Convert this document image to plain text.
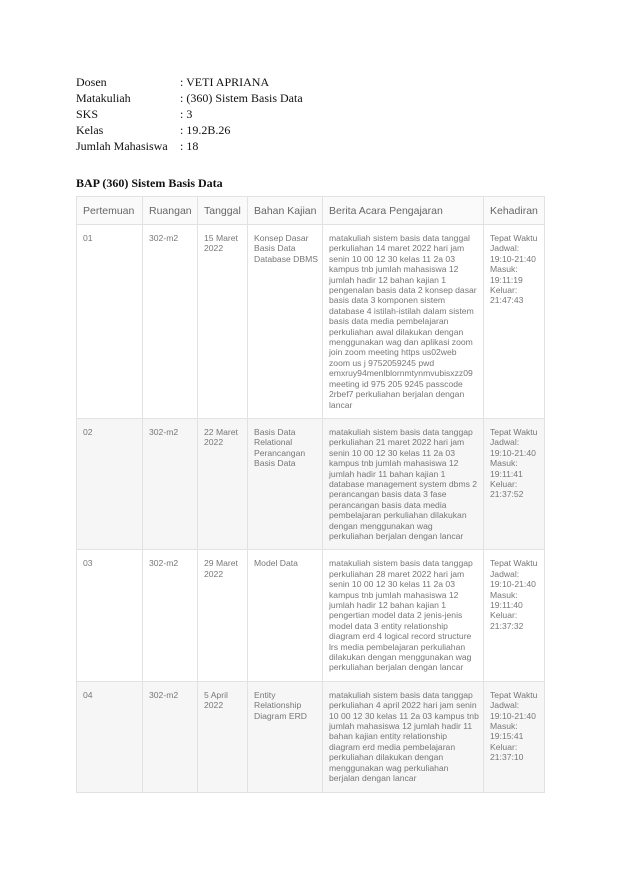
Dosen	: VETI APRIANA
Matakuliah	: (360) Sistem Basis Data
SKS	: 3
Kelas	: 19.2B.26
Jumlah Mahasiswa : 18
BAP (360) Sistem Basis Data
Pertemuan	Ruangan	Tanggal	Bahan Kajian	Berita Acara Pengajaran	Kehadiran
01	302-m2	15 Maret 2022	Konsep Dasar Basis Data Database DBMS	matakuliah sistem basis data tanggal perkuliahan 14 maret 2022 hari jam senin 10 00 12 30 kelas 11 2a 03 kampus tnb jumlah mahasiswa 12 jumlah hadir 12 bahan kajian 1 pengenalan basis data 2 konsep dasar basis data 3 komponen sistem database 4 istilah-istilah dalam sistem basis data media pembelajaran perkuliahan awal dilakukan dengan menggunakan wag dan aplikasi zoom join zoom meeting https us02web zoom us j 9752059245 pwd emxruy94menlblornmtynmvubisxzz09 meeting id 975 205 9245 passcode 2rbef7 perkuliahan berjalan dengan lancar	Tepat Waktu Jadwal: 19:10-21:40 Masuk: 19:11:19 Keluar: 21:47:43
02	302-m2	22 Maret 2022	Basis Data Relational Perancangan Basis Data	matakuliah sistem basis data tanggap perkuliahan 21 maret 2022 hari jam senin 10 00 12 30 kelas 11 2a 03 kampus tnb jumlah mahasiswa 12 jumlah hadir 11 bahan kajian 1 database management system dbms 2 perancangan basis data 3 fase perancangan basis data media pembelajaran perkuliahan dilakukan dengan menggunakan wag perkuliahan berjalan dengan lancar	Tepat Waktu Jadwal: 19:10-21:40 Masuk: 19:11:41 Keluar: 21:37:52
03	302-m2	29 Maret 2022	Model Data	matakuliah sistem basis data tanggap perkuliahan 28 maret 2022 hari jam senin 10 00 12 30 kelas 11 2a 03 kampus tnb jumlah mahasiswa 12 jumlah hadir 12 bahan kajian 1 pengertian model data 2 jenis-jenis model data 3 entity relationship diagram erd 4 logical record structure lrs media pembelajaran perkuliahan dilakukan dengan menggunakan wag perkuliahan berjalan dengan lancar	Tepat Waktu Jadwal: 19:10-21:40 Masuk: 19:11:40 Keluar: 21:37:32
04	302-m2	5 April 2022	Entity Relationship Diagram ERD	matakuliah sistem basis data tanggap perkuliahan 4 april 2022 hari jam senin 10 00 12 30 kelas 11 2a 03 kampus tnb jumlah mahasiswa 12 jumlah hadir 11 bahan kajian entity relationship diagram erd media pembelajaran perkuliahan dilakukan dengan menggunakan wag perkuliahan berjalan dengan lancar	Tepat Waktu Jadwal: 19:10-21:40 Masuk: 19:15:41 Keluar: 21:37:10
